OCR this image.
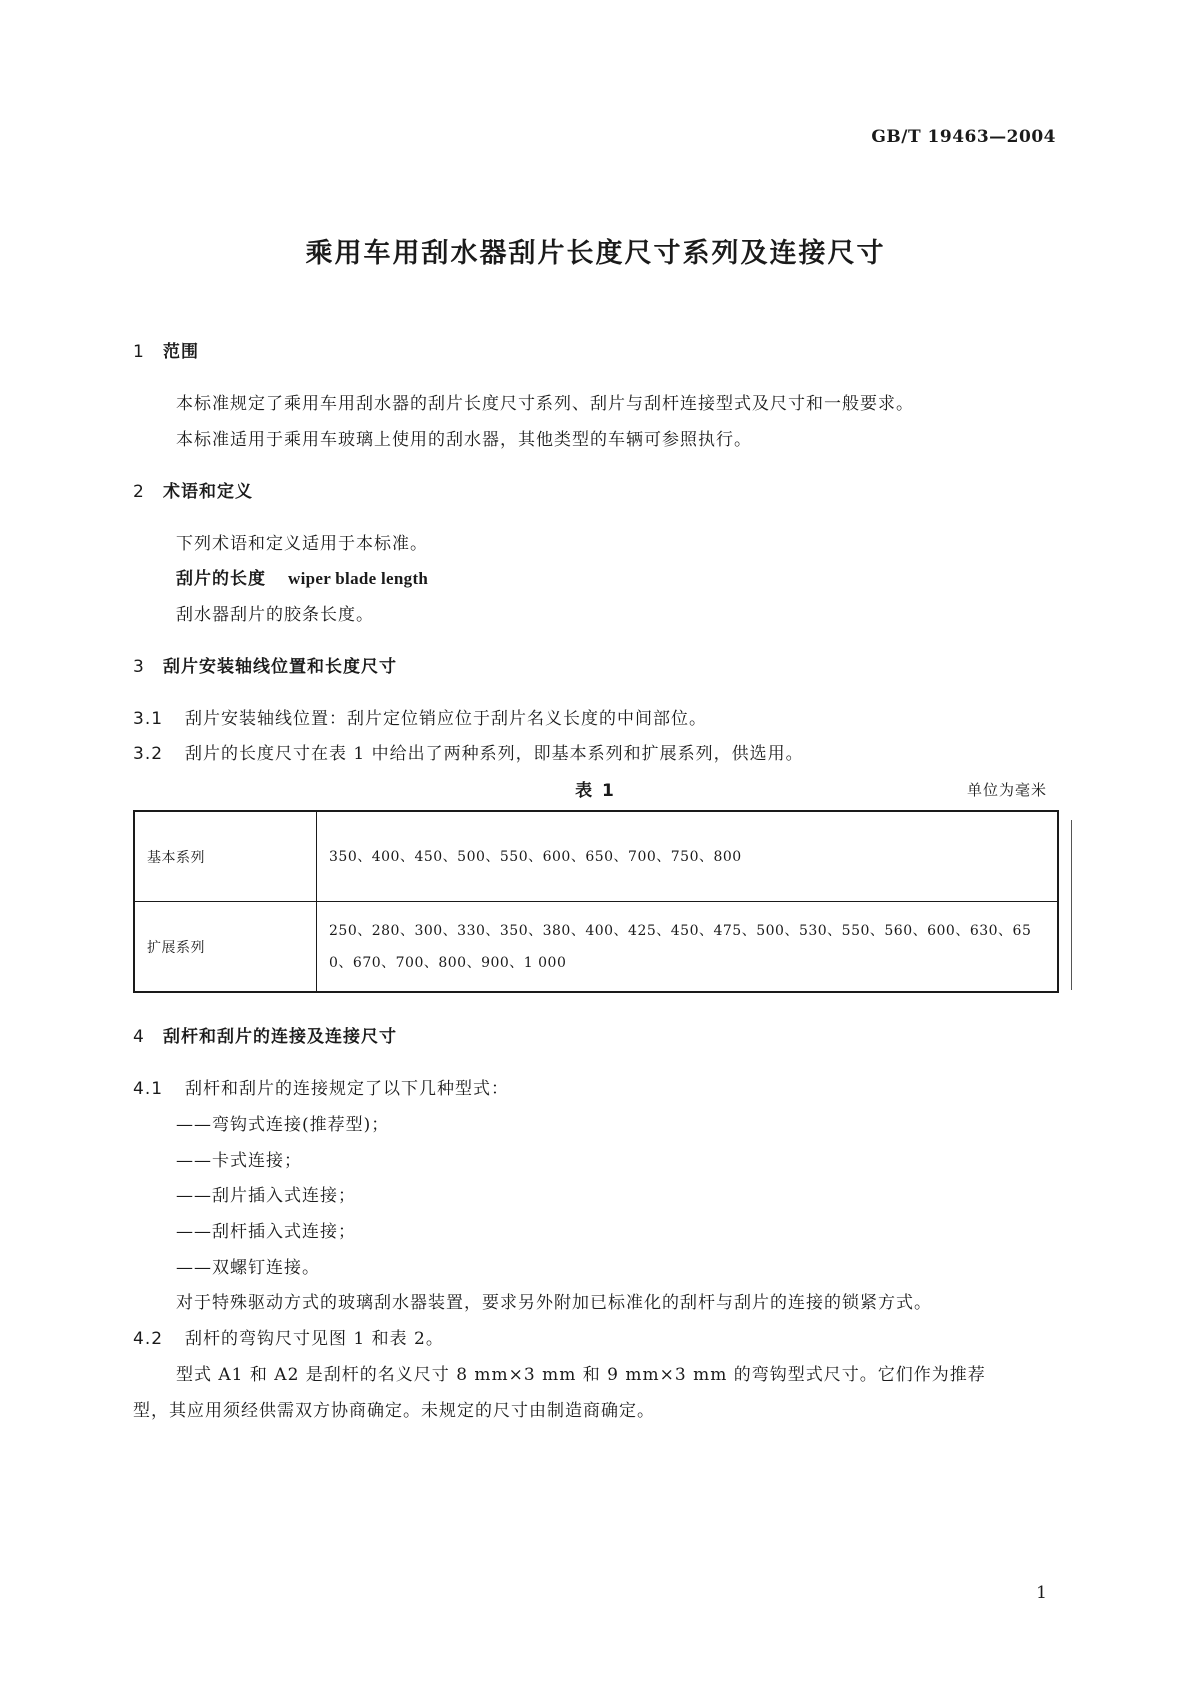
GB/T 19463—2004
乘用车用刮水器刮片长度尺寸系列及连接尺寸
1 范围
本标准规定了乘用车用刮水器的刮片长度尺寸系列、刮片与刮杆连接型式及尺寸和一般要求。
本标准适用于乘用车玻璃上使用的刮水器，其他类型的车辆可参照执行。
2 术语和定义
下列术语和定义适用于本标准。
刮片的长度 wiper blade length
刮水器刮片的胶条长度。
3 刮片安装轴线位置和长度尺寸
3.1 刮片安装轴线位置：刮片定位销应位于刮片名义长度的中间部位。
3.2 刮片的长度尺寸在表 1 中给出了两种系列，即基本系列和扩展系列，供选用。
表 1	单位为毫米
基本系列	350、400、450、500、550、600、650、700、750、800
扩展系列	250、280、300、330、350、380、400、425、450、475、500、530、550、560、600、630、650、670、700、800、900、1 000
4 刮杆和刮片的连接及连接尺寸
4.1 刮杆和刮片的连接规定了以下几种型式：
——弯钩式连接(推荐型)；
——卡式连接；
——刮片插入式连接；
——刮杆插入式连接；
——双螺钉连接。
对于特殊驱动方式的玻璃刮水器装置，要求另外附加已标准化的刮杆与刮片的连接的锁紧方式。
4.2 刮杆的弯钩尺寸见图 1 和表 2。
型式 A1 和 A2 是刮杆的名义尺寸 8 mm×3 mm 和 9 mm×3 mm 的弯钩型式尺寸。它们作为推荐
型，其应用须经供需双方协商确定。未规定的尺寸由制造商确定。
1
